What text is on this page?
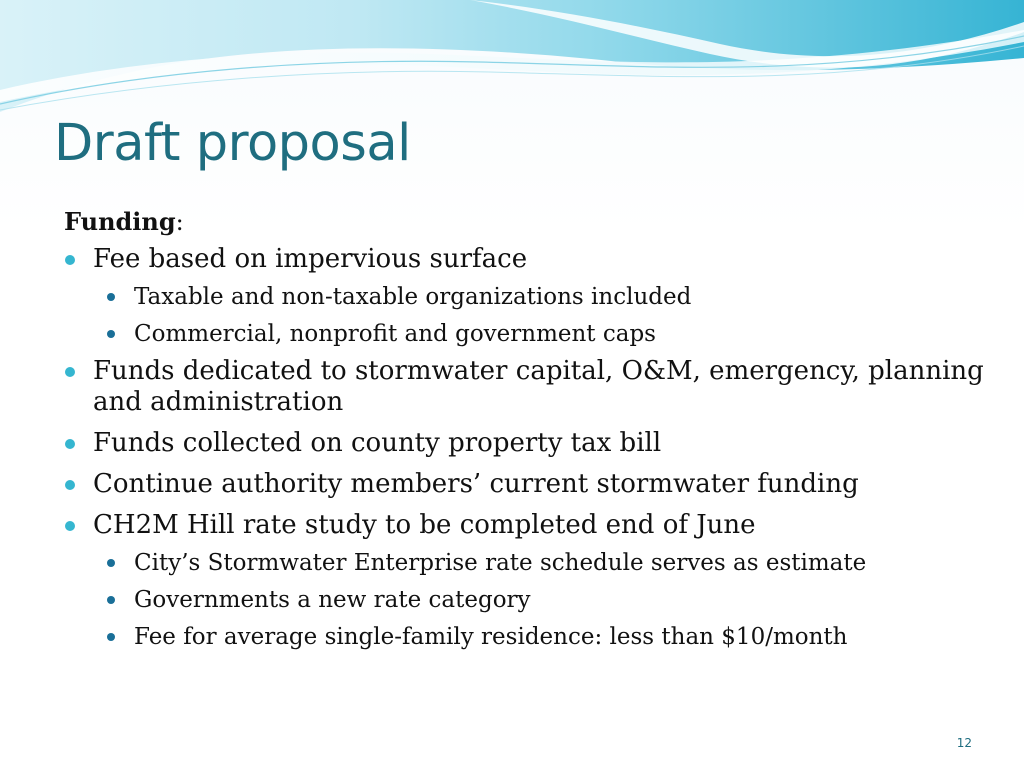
Draft proposal

Funding:

Fee based on impervious surface
Taxable and non-taxable organizations included
Commercial, nonprofit and government caps
Funds dedicated to stormwater capital, O&M, emergency, planning and administration
Funds collected on county property tax bill
Continue authority members’ current stormwater funding
CH2M Hill rate study to be completed end of June
City’s Stormwater Enterprise rate schedule serves as estimate
Governments a new rate category
Fee for average single-family residence: less than $10/month
12
